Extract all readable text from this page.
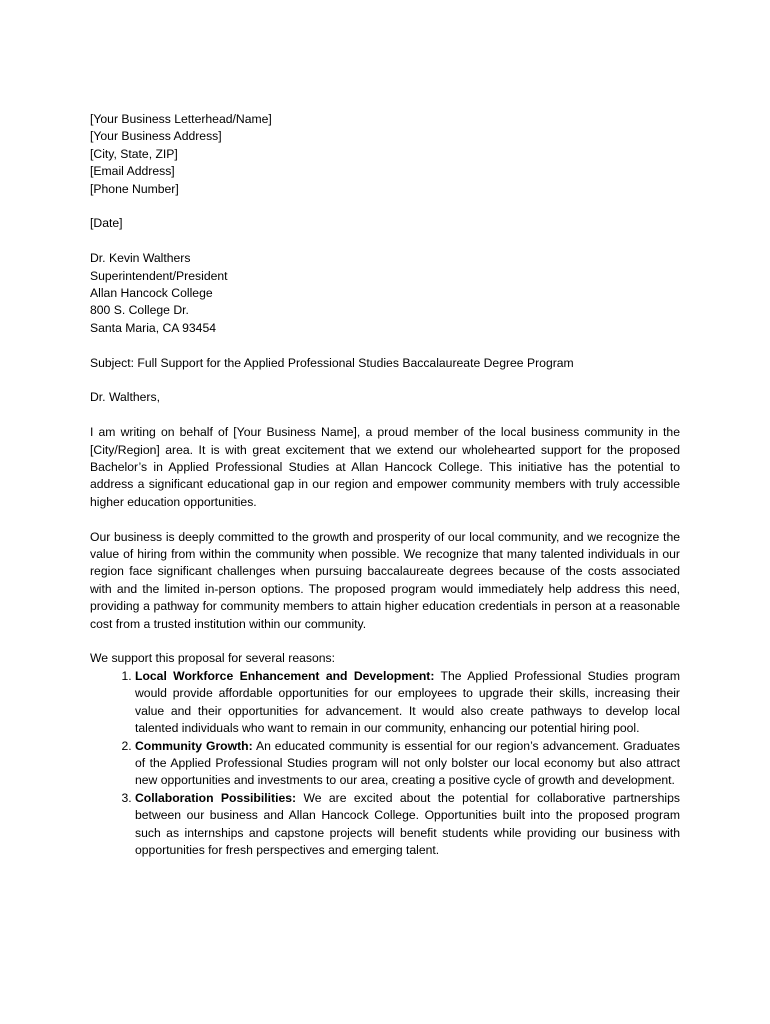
[Your Business Letterhead/Name]
[Your Business Address]
[City, State, ZIP]
[Email Address]
[Phone Number]
[Date]
Dr. Kevin Walthers
Superintendent/President
Allan Hancock College
800 S. College Dr.
Santa Maria, CA 93454
Subject: Full Support for the Applied Professional Studies Baccalaureate Degree Program
Dr. Walthers,

I am writing on behalf of [Your Business Name], a proud member of the local business community in the [City/Region] area. It is with great excitement that we extend our wholehearted support for the proposed Bachelor’s in Applied Professional Studies at Allan Hancock College. This initiative has the potential to address a significant educational gap in our region and empower community members with truly accessible higher education opportunities.

Our business is deeply committed to the growth and prosperity of our local community, and we recognize the value of hiring from within the community when possible. We recognize that many talented individuals in our region face significant challenges when pursuing baccalaureate degrees because of the costs associated with and the limited in-person options. The proposed program would immediately help address this need, providing a pathway for community members to attain higher education credentials in person at a reasonable cost from a trusted institution within our community.

We support this proposal for several reasons:
1. Local Workforce Enhancement and Development: The Applied Professional Studies program would provide affordable opportunities for our employees to upgrade their skills, increasing their value and their opportunities for advancement. It would also create pathways to develop local talented individuals who want to remain in our community, enhancing our potential hiring pool.
2. Community Growth: An educated community is essential for our region’s advancement. Graduates of the Applied Professional Studies program will not only bolster our local economy but also attract new opportunities and investments to our area, creating a positive cycle of growth and development.
3. Collaboration Possibilities: We are excited about the potential for collaborative partnerships between our business and Allan Hancock College. Opportunities built into the proposed program such as internships and capstone projects will benefit students while providing our business with opportunities for fresh perspectives and emerging talent.
